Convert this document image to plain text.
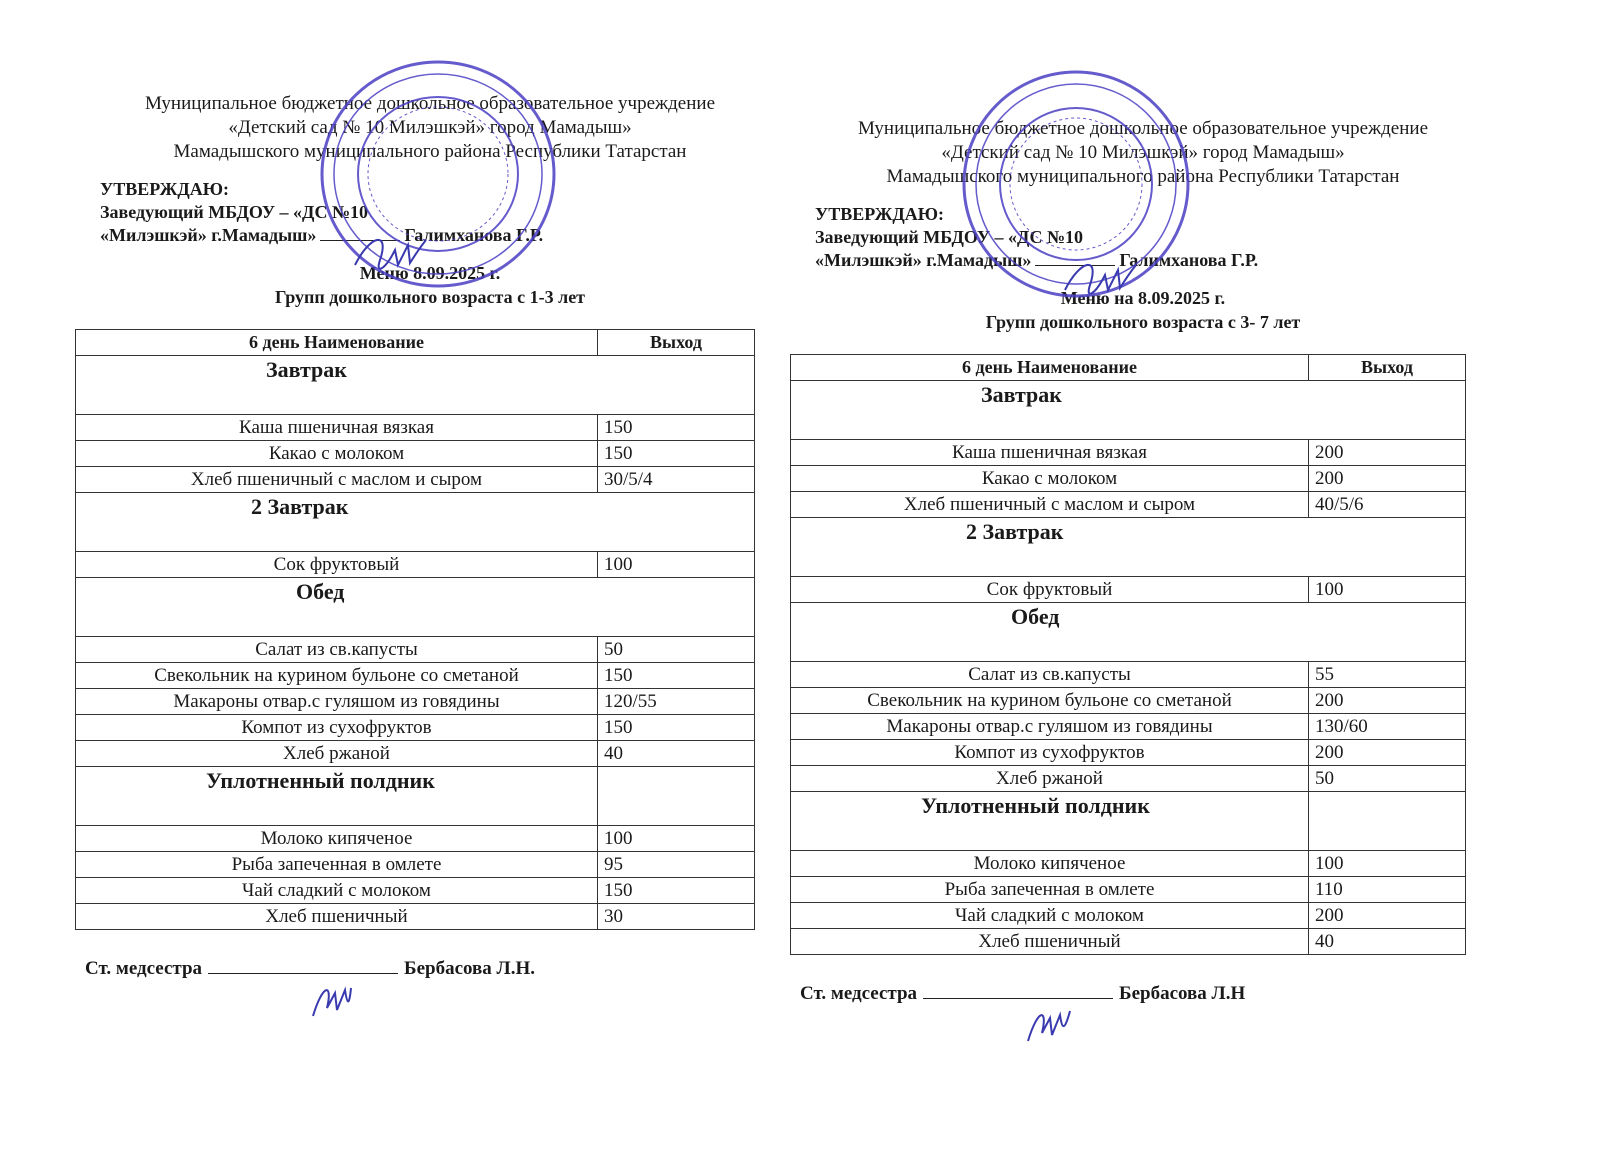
Муниципальное бюджетное дошкольное образовательное учреждение
«Детский сад № 10 Милэшкэй» город Мамадыш»
Мамадышского муниципального района Республики Татарстан
УТВЕРЖДАЮ:
Заведующий МБДОУ – «ДС №10
«Милэшкэй» г.Мамадыш»	Галимханова Г.Р.
Меню 8.09.2025 г.
Групп дошкольного возраста с 1-3 лет
6 день Наименование	Выход
Завтрак	
Каша пшеничная вязкая	150
Какао с молоком	150
Хлеб пшеничный с маслом и сыром	30/5/4
2 Завтрак	
Сок фруктовый	100
Обед	
Салат из св.капусты	50
Свекольник на курином бульоне со сметаной	150
Макароны отвар.с гуляшом из говядины	120/55
Компот из сухофруктов	150
Хлеб ржаной	40
Уплотненный полдник	
Молоко кипяченое	100
Рыба запеченная в омлете	95
Чай сладкий с молоком	150
Хлеб пшеничный	30
Ст. медсестра	Бербасова Л.Н.
Муниципальное бюджетное дошкольное образовательное учреждение
«Детский сад № 10 Милэшкэй» город Мамадыш»
Мамадышского муниципального района Республики Татарстан
УТВЕРЖДАЮ:
Заведующий МБДОУ – «ДС №10
«Милэшкэй» г.Мамадыш»	Галимханова Г.Р.
Меню на 8.09.2025 г.
Групп дошкольного возраста с 3- 7 лет
6 день Наименование	Выход
Завтрак	
Каша пшеничная вязкая	200
Какао с молоком	200
Хлеб пшеничный с маслом и сыром	40/5/6
2 Завтрак	
Сок фруктовый	100
Обед	
Салат из св.капусты	55
Свекольник на курином бульоне со сметаной	200
Макароны отвар.с гуляшом из говядины	130/60
Компот из сухофруктов	200
Хлеб ржаной	50
Уплотненный полдник	
Молоко кипяченое	100
Рыба запеченная в омлете	110
Чай сладкий с молоком	200
Хлеб пшеничный	40
Ст. медсестра	Бербасова Л.Н
